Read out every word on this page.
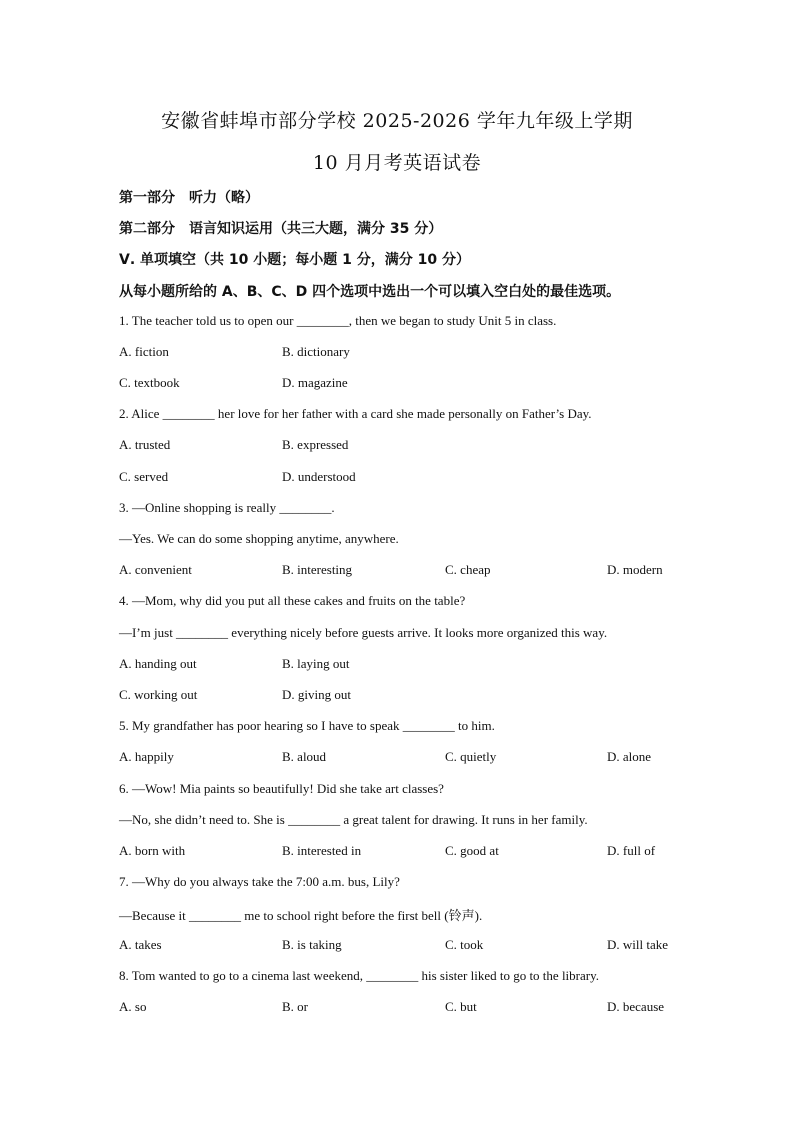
安徽省蚌埠市部分学校 2025-2026 学年九年级上学期
10 月月考英语试卷
第一部分　听力（略）
第二部分　语言知识运用（共三大题，满分 35 分）
Ⅴ. 单项填空（共 10 小题；每小题 1 分，满分 10 分）
从每小题所给的 A、B、C、D 四个选项中选出一个可以填入空白处的最佳选项。
1. The teacher told us to open our ________, then we began to study Unit 5 in class.
A. fiction	B. dictionary
C. textbook	D. magazine
2. Alice ________ her love for her father with a card she made personally on Father’s Day.
A. trusted	B. expressed
C. served	D. understood
3. —Online shopping is really ________.
—Yes. We can do some shopping anytime, anywhere.
A. convenient	B. interesting	C. cheap	D. modern
4. —Mom, why did you put all these cakes and fruits on the table?
—I’m just ________ everything nicely before guests arrive. It looks more organized this way.
A. handing out	B. laying out
C. working out	D. giving out
5. My grandfather has poor hearing so I have to speak ________ to him.
A. happily	B. aloud	C. quietly	D. alone
6. —Wow! Mia paints so beautifully! Did she take art classes?
—No, she didn’t need to. She is ________ a great talent for drawing. It runs in her family.
A. born with	B. interested in	C. good at	D. full of
7. —Why do you always take the 7:00 a.m. bus, Lily?
—Because it ________ me to school right before the first bell (铃声).
A. takes	B. is taking	C. took	D. will take
8. Tom wanted to go to a cinema last weekend, ________ his sister liked to go to the library.
A. so	B. or	C. but	D. because
